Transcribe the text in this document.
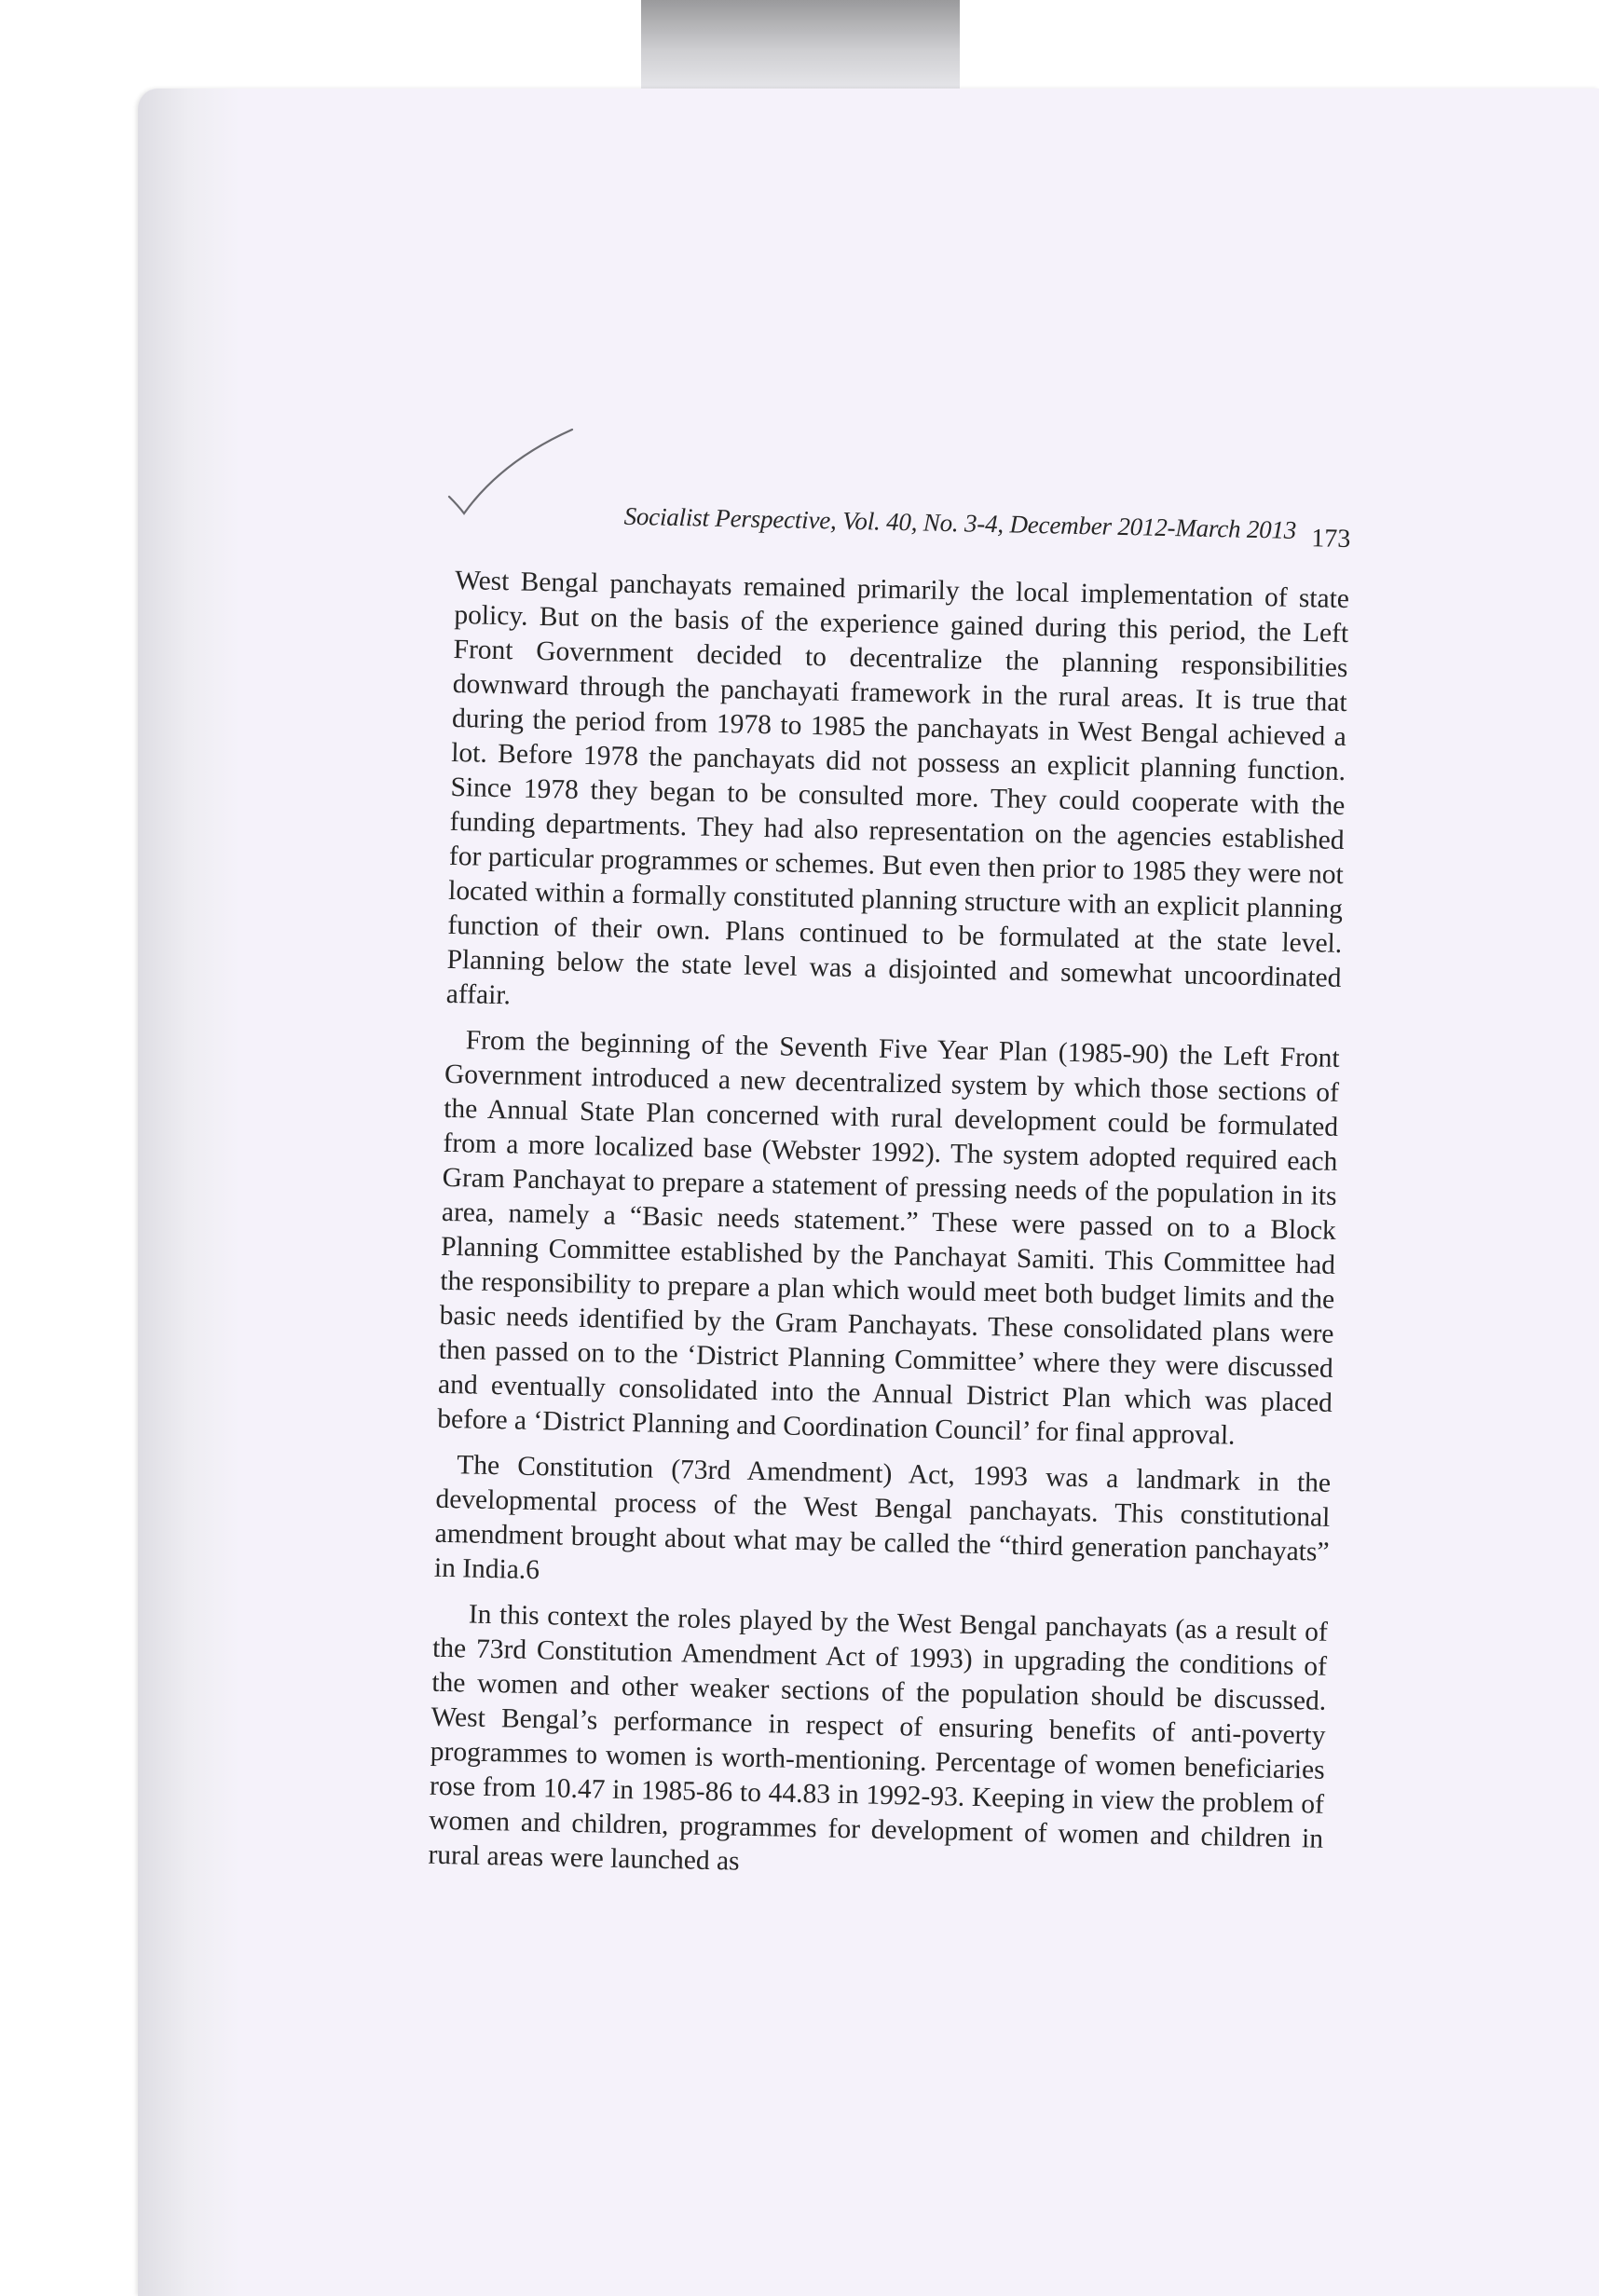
Socialist Perspective, Vol. 40, No. 3-4, December 2012-March 2013 173

West Bengal panchayats remained primarily the local implementation of state policy. But on the basis of the experience gained during this period, the Left Front Government decided to decentralize the planning responsibilities downward through the panchayati framework in the rural areas. It is true that during the period from 1978 to 1985 the panchayats in West Bengal achieved a lot. Before 1978 the panchayats did not possess an explicit planning function. Since 1978 they began to be consulted more. They could cooperate with the funding departments. They had also representation on the agencies established for particular programmes or schemes. But even then prior to 1985 they were not located within a formally constituted planning structure with an explicit planning function of their own. Plans continued to be formulated at the state level. Planning below the state level was a disjointed and somewhat uncoordinated affair.

From the beginning of the Seventh Five Year Plan (1985-90) the Left Front Government introduced a new decentralized system by which those sections of the Annual State Plan concerned with rural development could be formulated from a more localized base (Webster 1992). The system adopted required each Gram Panchayat to prepare a statement of pressing needs of the population in its area, namely a “Basic needs statement.” These were passed on to a Block Planning Committee established by the Panchayat Samiti. This Committee had the responsibility to prepare a plan which would meet both budget limits and the basic needs identified by the Gram Panchayats. These consolidated plans were then passed on to the ‘District Planning Committee’ where they were discussed and eventually consolidated into the Annual District Plan which was placed before a ‘District Planning and Coordination Council’ for final approval.

The Constitution (73rd Amendment) Act, 1993 was a landmark in the developmental process of the West Bengal panchayats. This constitutional amendment brought about what may be called the “third generation panchayats” in India.6

In this context the roles played by the West Bengal panchayats (as a result of the 73rd Constitution Amendment Act of 1993) in upgrading the conditions of the women and other weaker sections of the population should be discussed. West Bengal’s performance in respect of ensuring benefits of anti-poverty programmes to women is worth-mentioning. Percentage of women beneficiaries rose from 10.47 in 1985-86 to 44.83 in 1992-93. Keeping in view the problem of women and children, programmes for development of women and children in rural areas were launched as
